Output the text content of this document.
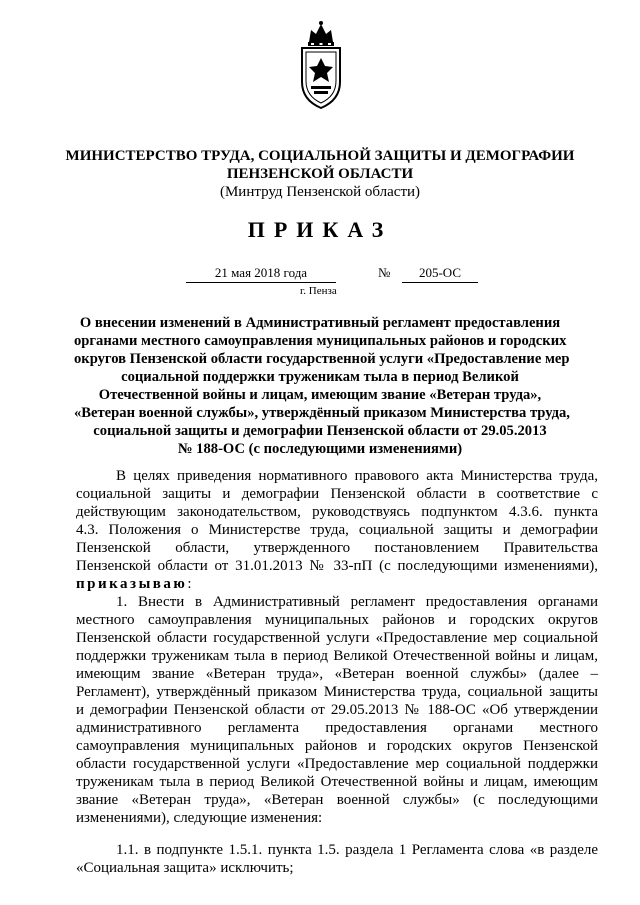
МИНИСТЕРСТВО ТРУДА, СОЦИАЛЬНОЙ ЗАЩИТЫ И ДЕМОГРАФИИ
ПЕНЗЕНСКОЙ ОБЛАСТИ
(Минтруд Пензенской области)
ПРИКАЗ
21 мая 2018 года	№	205-ОС
г. Пенза
О внесении изменений в Административный регламент предоставления
органами местного самоуправления муниципальных районов и городских
округов Пензенской области государственной услуги «Предоставление мер
социальной поддержки труженикам тыла в период Великой
Отечественной войны и лицам, имеющим звание «Ветеран труда»,
«Ветеран военной службы», утверждённый приказом Министерства труда,
социальной защиты и демографии Пензенской области от 29.05.2013
№ 188-ОС (с последующими изменениями)
В целях приведения нормативного правового акта Министерства труда,
социальной защиты и демографии Пензенской области в соответствие с
действующим законодательством, руководствуясь подпунктом 4.3.6. пункта
4.3. Положения о Министерстве труда, социальной защиты и демографии
Пензенской области, утвержденного постановлением Правительства
Пензенской области от 31.01.2013 № 33-пП (с последующими изменениями),
приказываю:
1. Внести в Административный регламент предоставления органами
местного самоуправления муниципальных районов и городских округов
Пензенской области государственной услуги «Предоставление мер социальной
поддержки труженикам тыла в период Великой Отечественной войны и лицам,
имеющим звание «Ветеран труда», «Ветеран военной службы» (далее –
Регламент), утверждённый приказом Министерства труда, социальной защиты
и демографии Пензенской области от 29.05.2013 № 188-ОС «Об утверждении
административного регламента предоставления органами местного
самоуправления муниципальных районов и городских округов Пензенской
области государственной услуги «Предоставление мер социальной поддержки
труженикам тыла в период Великой Отечественной войны и лицам, имеющим
звание «Ветеран труда», «Ветеран военной службы» (с последующими
изменениями), следующие изменения:
1.1. в подпункте 1.5.1. пункта 1.5. раздела 1 Регламента слова «в разделе
«Социальная защита» исключить;
